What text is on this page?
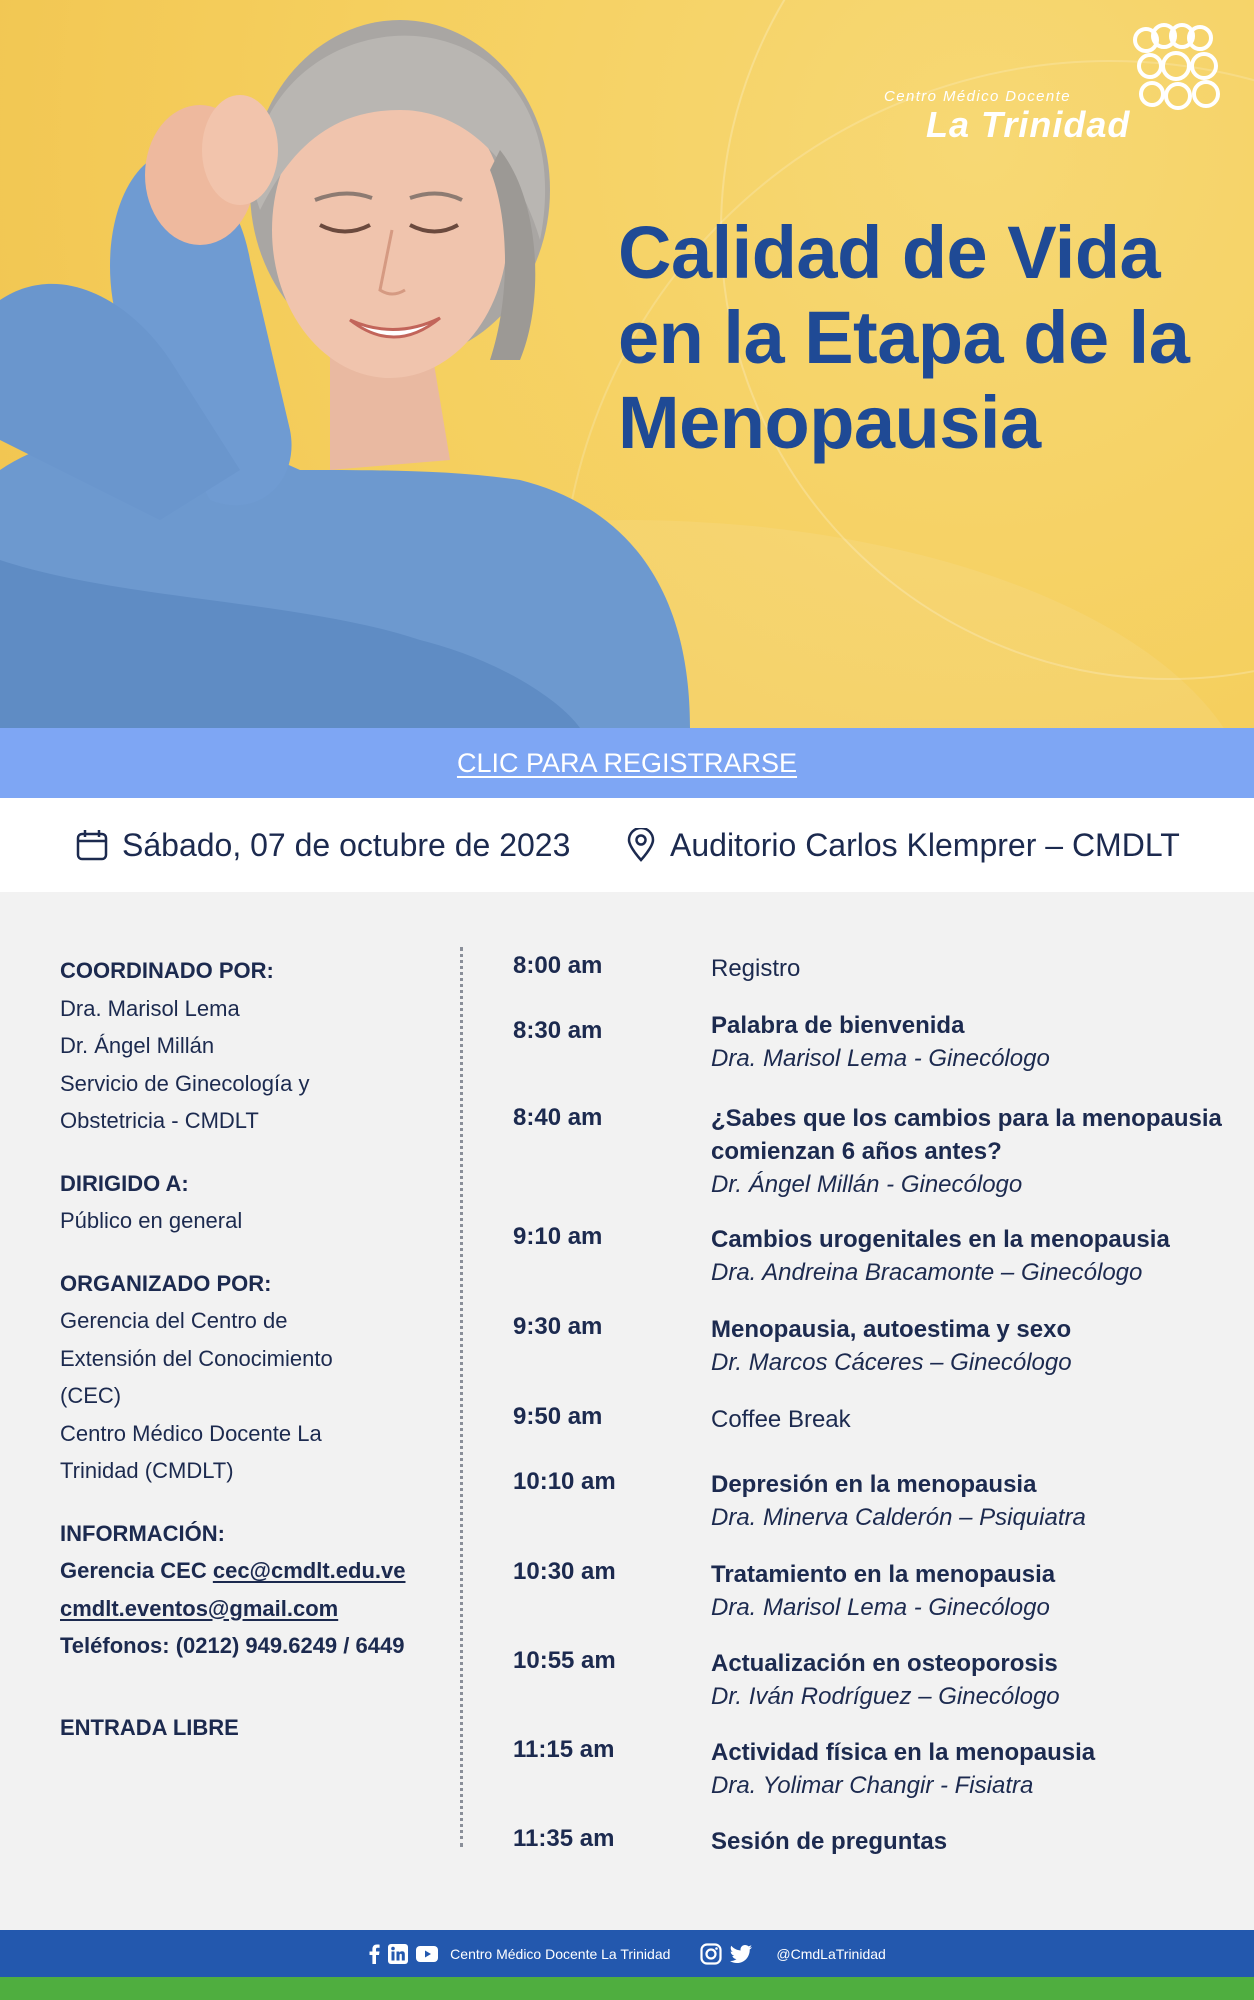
Centro Médico Docente
La Trinidad
Calidad de Vida en la Etapa de la Menopausia
CLIC PARA REGISTRARSE
Sábado, 07 de octubre de 2023	Auditorio Carlos Klemprer – CMDLT
COORDINADO POR:
Dra. Marisol Lema
Dr. Ángel Millán
Servicio de Ginecología y
Obstetricia - CMDLT
DIRIGIDO A:
Público en general
ORGANIZADO POR:
Gerencia del Centro de
Extensión del Conocimiento
(CEC)
Centro Médico Docente La
Trinidad (CMDLT)
INFORMACIÓN:
Gerencia CEC cec@cmdlt.edu.ve
cmdlt.eventos@gmail.com
Teléfonos: (0212) 949.6249 / 6449
ENTRADA LIBRE
8:00 am	Registro
8:30 am	Palabra de bienvenida
Dra. Marisol Lema - Ginecólogo
8:40 am	¿Sabes que los cambios para la menopausia comienzan 6 años antes?
Dr. Ángel Millán - Ginecólogo
9:10 am	Cambios urogenitales en la menopausia
Dra. Andreina Bracamonte – Ginecólogo
9:30 am	Menopausia, autoestima y sexo
Dr. Marcos Cáceres – Ginecólogo
9:50 am	Coffee Break
10:10 am	Depresión en la menopausia
Dra. Minerva Calderón – Psiquiatra
10:30 am	Tratamiento en la menopausia
Dra. Marisol Lema - Ginecólogo
10:55 am	Actualización en osteoporosis
Dr. Iván Rodríguez – Ginecólogo
11:15 am	Actividad física en la menopausia
Dra. Yolimar Changir - Fisiatra
11:35 am	Sesión de preguntas
Centro Médico Docente La Trinidad	@CmdLaTrinidad
